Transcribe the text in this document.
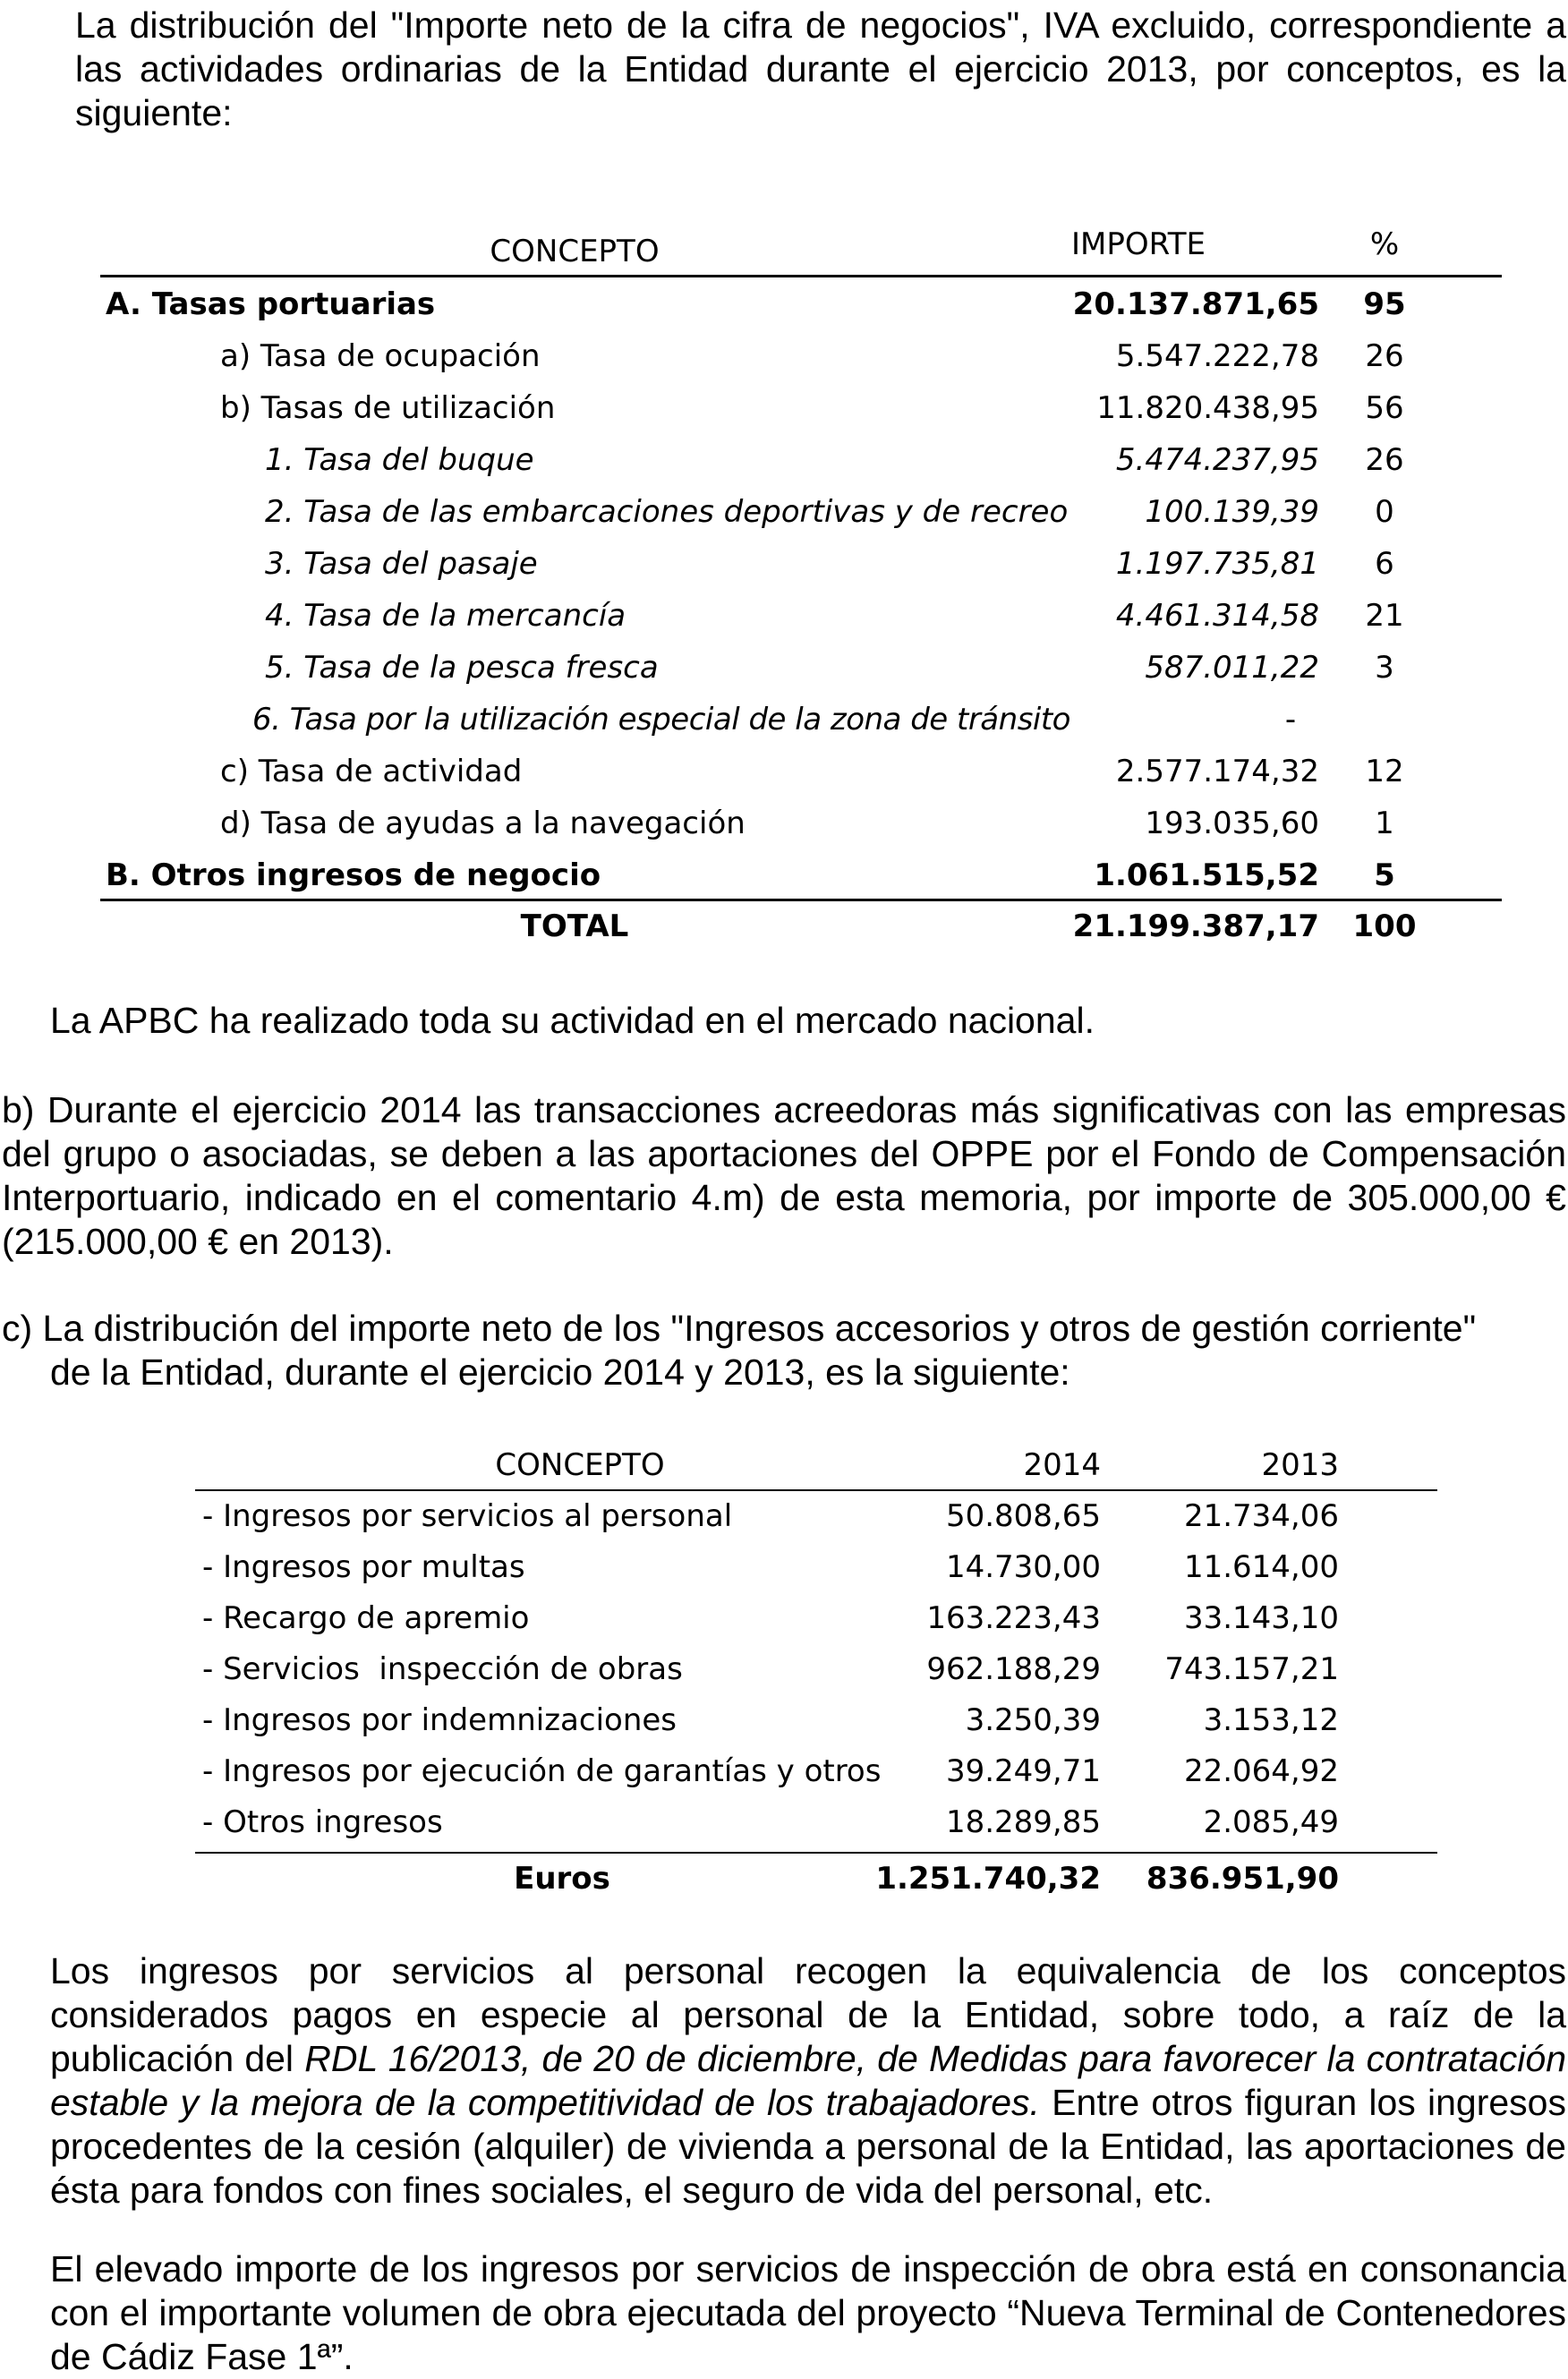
La distribución del "Importe neto de la cifra de negocios", IVA excluido, correspondiente a las actividades ordinarias de la Entidad durante el ejercicio 2013, por conceptos, es la siguiente:

CONCEPTO	IMPORTE	%
A. Tasas portuarias	20.137.871,65	95
a) Tasa de ocupación	5.547.222,78	26
b) Tasas de utilización	11.820.438,95	56
1. Tasa del buque	5.474.237,95	26
2. Tasa de las embarcaciones deportivas y de recreo	100.139,39	0
3. Tasa del pasaje	1.197.735,81	6
4. Tasa de la mercancía	4.461.314,58	21
5. Tasa de la pesca fresca	587.011,22	3
6. Tasa por la utilización especial de la zona de tránsito	-
c) Tasa de actividad	2.577.174,32	12
d) Tasa de ayudas a la navegación	193.035,60	1
B. Otros ingresos de negocio	1.061.515,52	5
TOTAL	21.199.387,17 100

La APBC ha realizado toda su actividad en el mercado nacional.

b) Durante el ejercicio 2014 las transacciones acreedoras más significativas con las empresas del grupo o asociadas, se deben a las aportaciones del OPPE por el Fondo de Compensación Interportuario, indicado en el comentario 4.m) de esta memoria, por importe de 305.000,00 € (215.000,00 € en 2013).

c) La distribución del importe neto de los "Ingresos accesorios y otros de gestión corriente"

de la Entidad, durante el ejercicio 2014 y 2013, es la siguiente:

CONCEPTO	2014	2013
- Ingresos por servicios al personal	50.808,65	21.734,06
- Ingresos por multas	14.730,00	11.614,00
- Recargo de apremio	163.223,43	33.143,10
- Servicios  inspección de obras	962.188,29	743.157,21
- Ingresos por indemnizaciones	3.250,39	3.153,12
- Ingresos por ejecución de garantías y otros	39.249,71	22.064,92
- Otros ingresos	18.289,85	2.085,49
Euros	1.251.740,32	836.951,90

Los ingresos por servicios al personal recogen la equivalencia de los conceptos considerados pagos en especie al personal de la Entidad, sobre todo, a raíz de la publicación del RDL 16/2013, de 20 de diciembre, de Medidas para favorecer la contratación estable y la mejora de la competitividad de los trabajadores. Entre otros figuran los ingresos procedentes de la cesión (alquiler) de vivienda a personal de la Entidad, las aportaciones de ésta para fondos con fines sociales, el seguro de vida del personal, etc.

El elevado importe de los ingresos por servicios de inspección de obra está en consonancia con el importante volumen de obra ejecutada del proyecto “Nueva Terminal de Contenedores de Cádiz Fase 1ª”.
